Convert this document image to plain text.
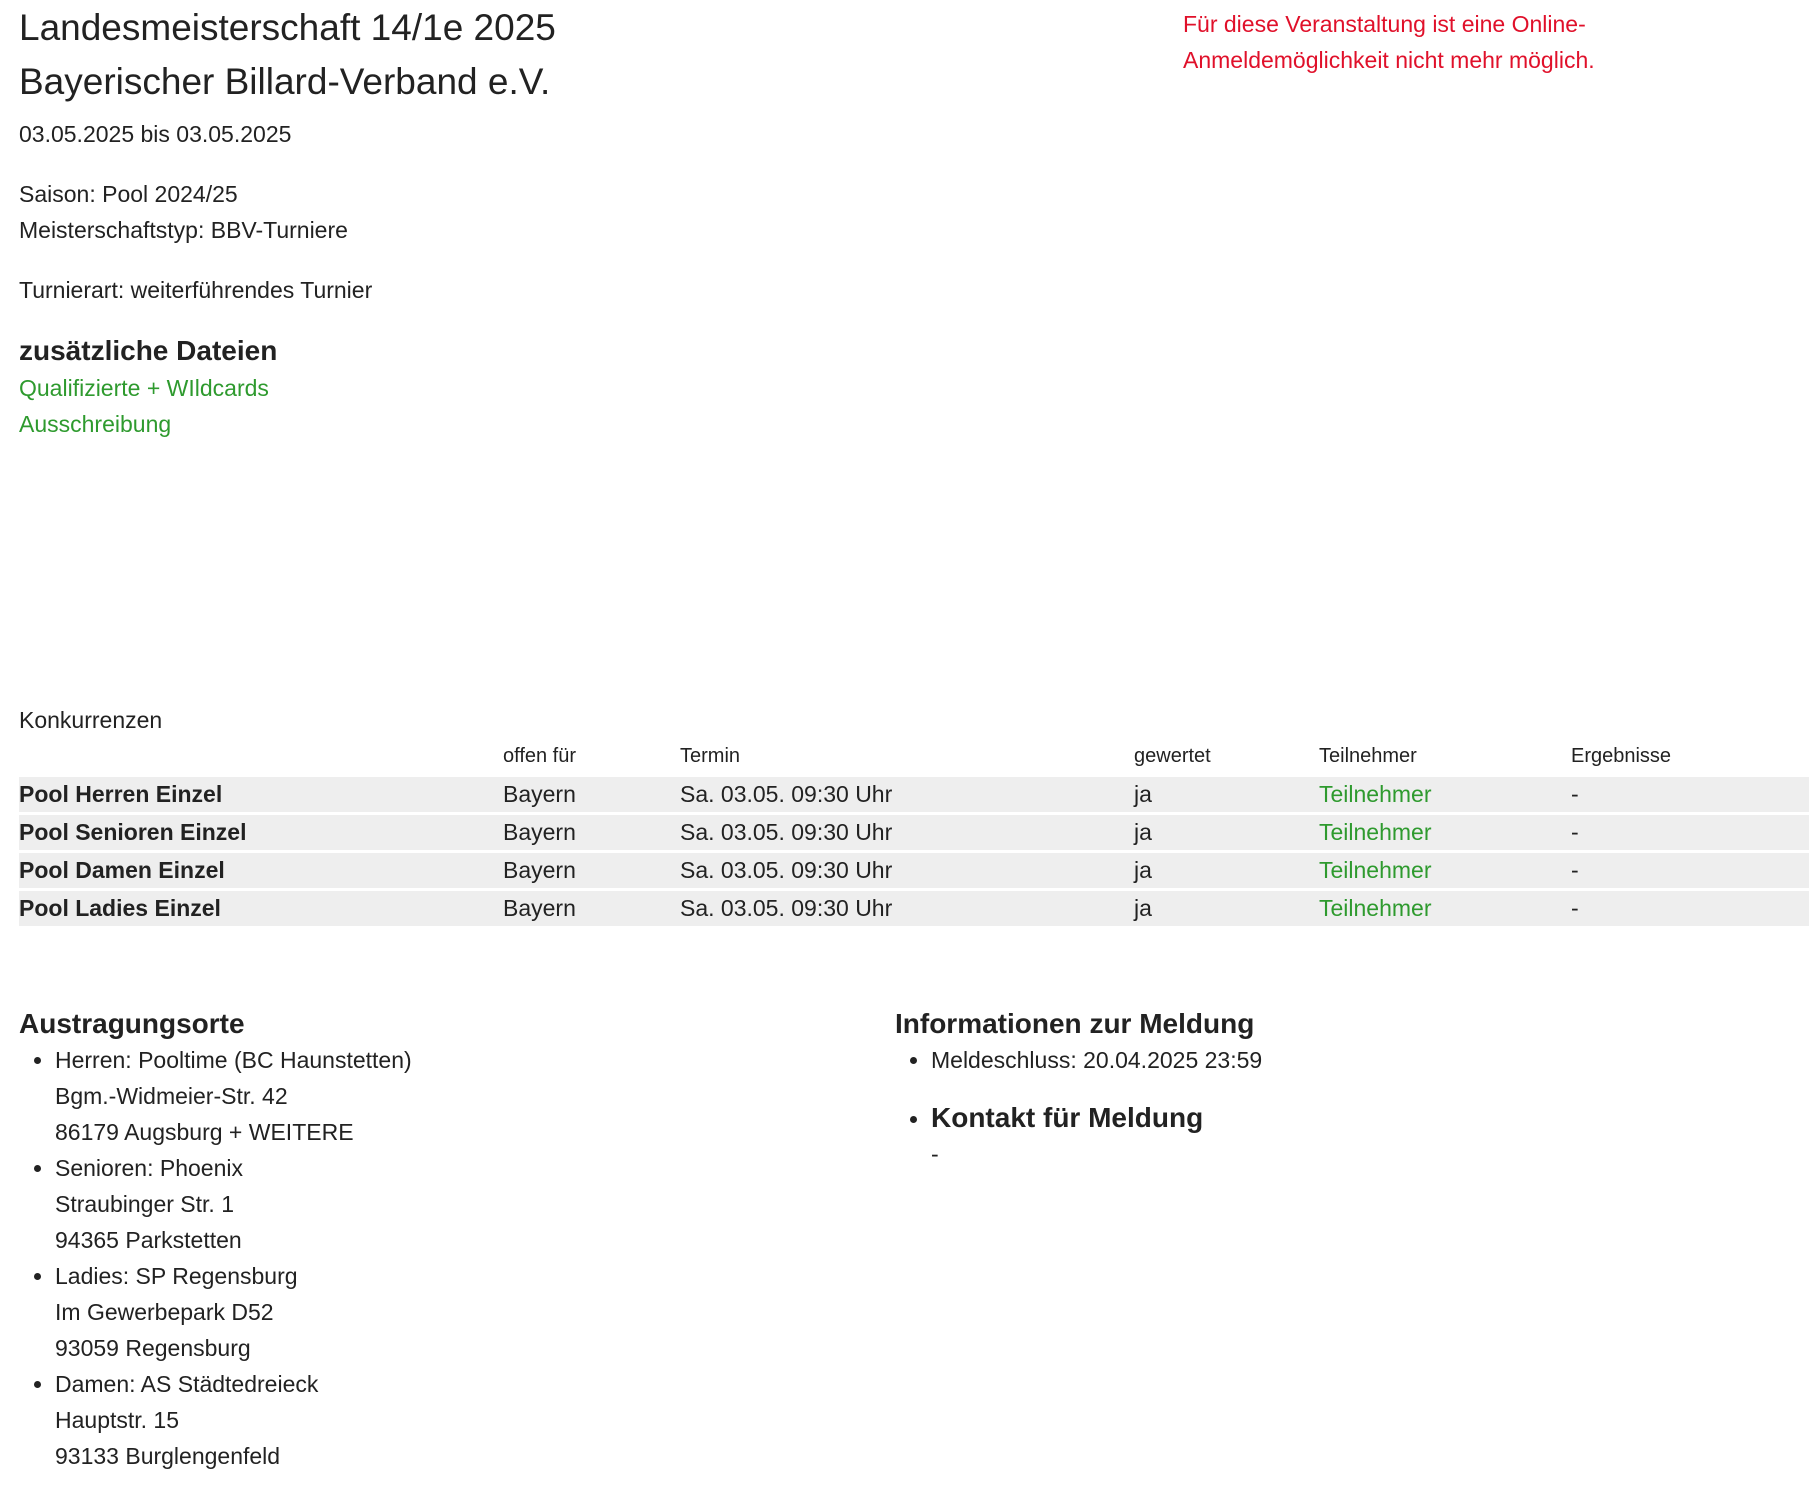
Landesmeisterschaft 14/1e 2025
Bayerischer Billard-Verband e.V.
Für diese Veranstaltung ist eine Online-
Anmeldemöglichkeit nicht mehr möglich.
03.05.2025 bis 03.05.2025
Saison: Pool 2024/25
Meisterschaftstyp: BBV-Turniere
Turnierart: weiterführendes Turnier
zusätzliche Dateien
Qualifizierte + WIldcards
Ausschreibung
Konkurrenzen
	offen für	Termin	gewertet	Teilnehmer	Ergebnisse
Pool Herren Einzel	Bayern	Sa. 03.05. 09:30 Uhr	ja	Teilnehmer	-
Pool Senioren Einzel	Bayern	Sa. 03.05. 09:30 Uhr	ja	Teilnehmer	-
Pool Damen Einzel	Bayern	Sa. 03.05. 09:30 Uhr	ja	Teilnehmer	-
Pool Ladies Einzel	Bayern	Sa. 03.05. 09:30 Uhr	ja	Teilnehmer	-
Austragungsorte
• Herren: Pooltime (BC Haunstetten)
Bgm.-Widmeier-Str. 42
86179 Augsburg + WEITERE
• Senioren: Phoenix
Straubinger Str. 1
94365 Parkstetten
• Ladies: SP Regensburg
Im Gewerbepark D52
93059 Regensburg
• Damen: AS Städtedreieck
Hauptstr. 15
93133 Burglengenfeld
Informationen zur Meldung
• Meldeschluss: 20.04.2025 23:59
• Kontakt für Meldung
-
